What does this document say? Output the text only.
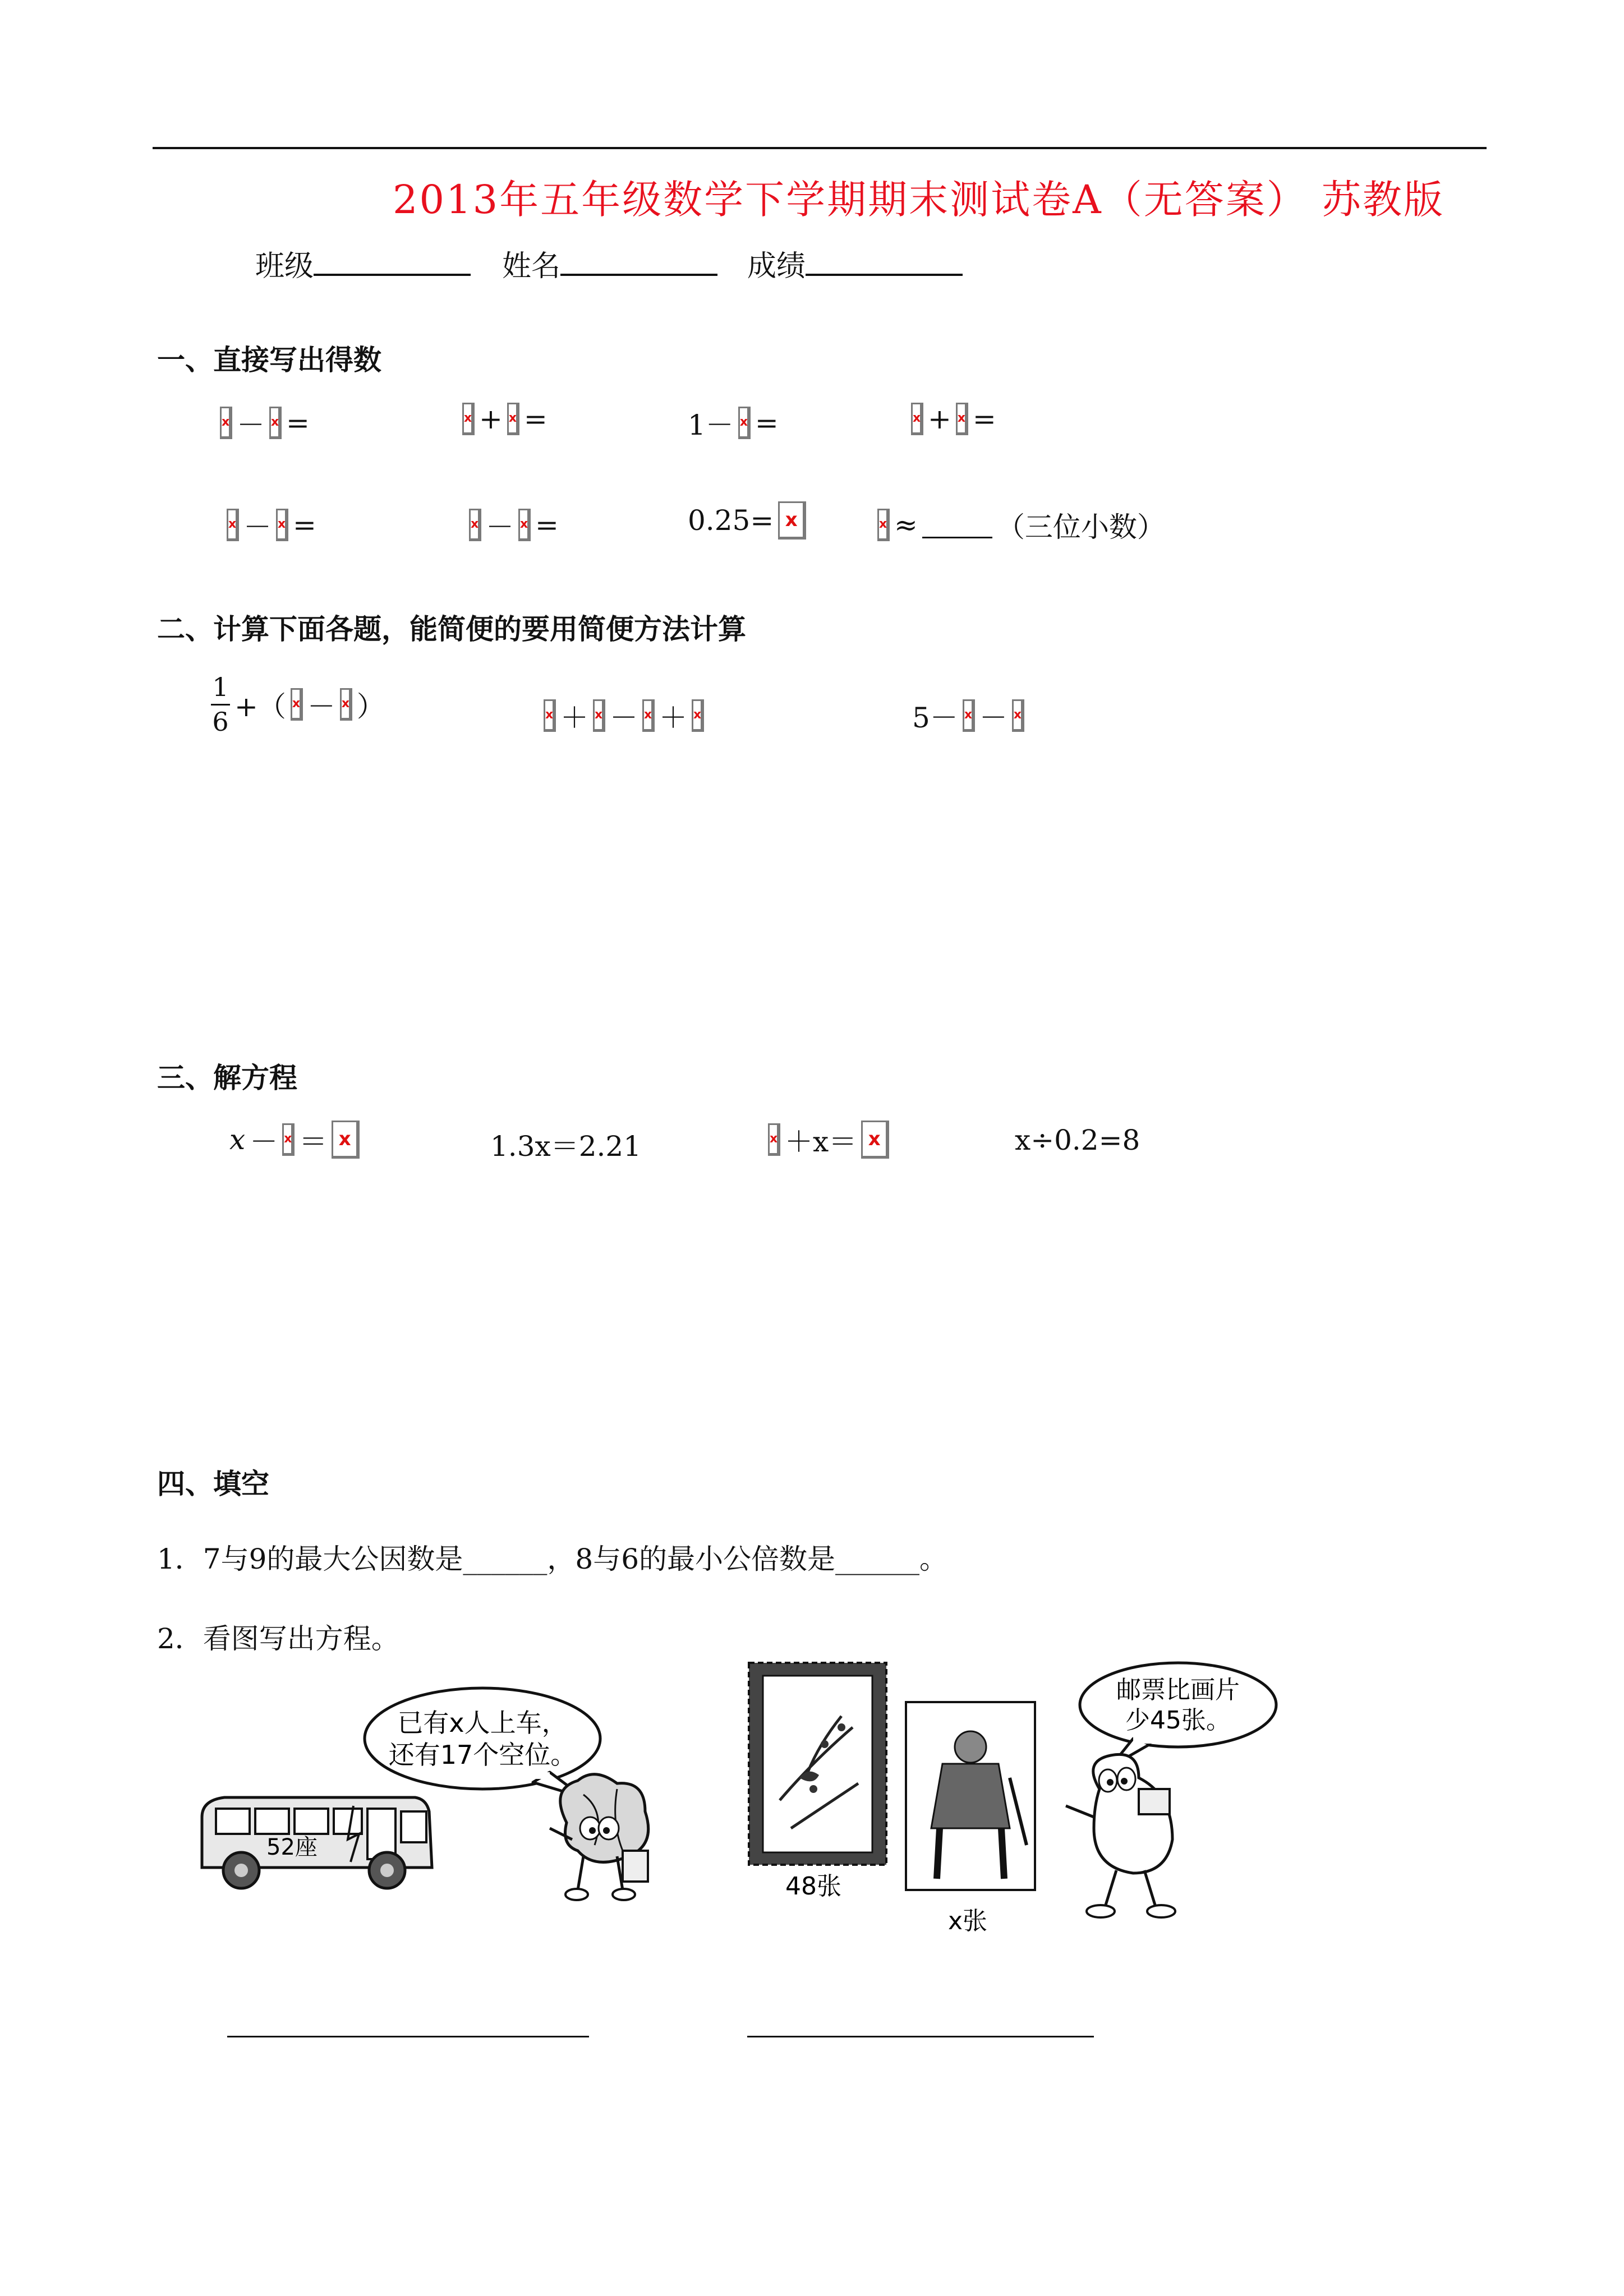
2013年五年级数学下学期期末测试卷A（无答案） 苏教版
班级	姓名	成绩
一、直接写出得数
x － x =	x + x =	1－ x =	x + x =
x － x =	x － x =	0.25= x	x ≈	（三位小数）
二、计算下面各题，能简便的要用简便方法计算
$\frac{1}{6}$ +（ x － x ）	x ＋ x － x ＋ x	5－ x － x
三、解方程
x － x ＝ x	1.3x＝2.21	x ＋x＝ x	x÷0.2=8
四、填空
1．7与9的最大公因数是______，8与6的最小公倍数是______。
2．看图写出方程。
已有x人上车，
还有17个空位。
52座
48张
x张
邮票比画片
少45张。
